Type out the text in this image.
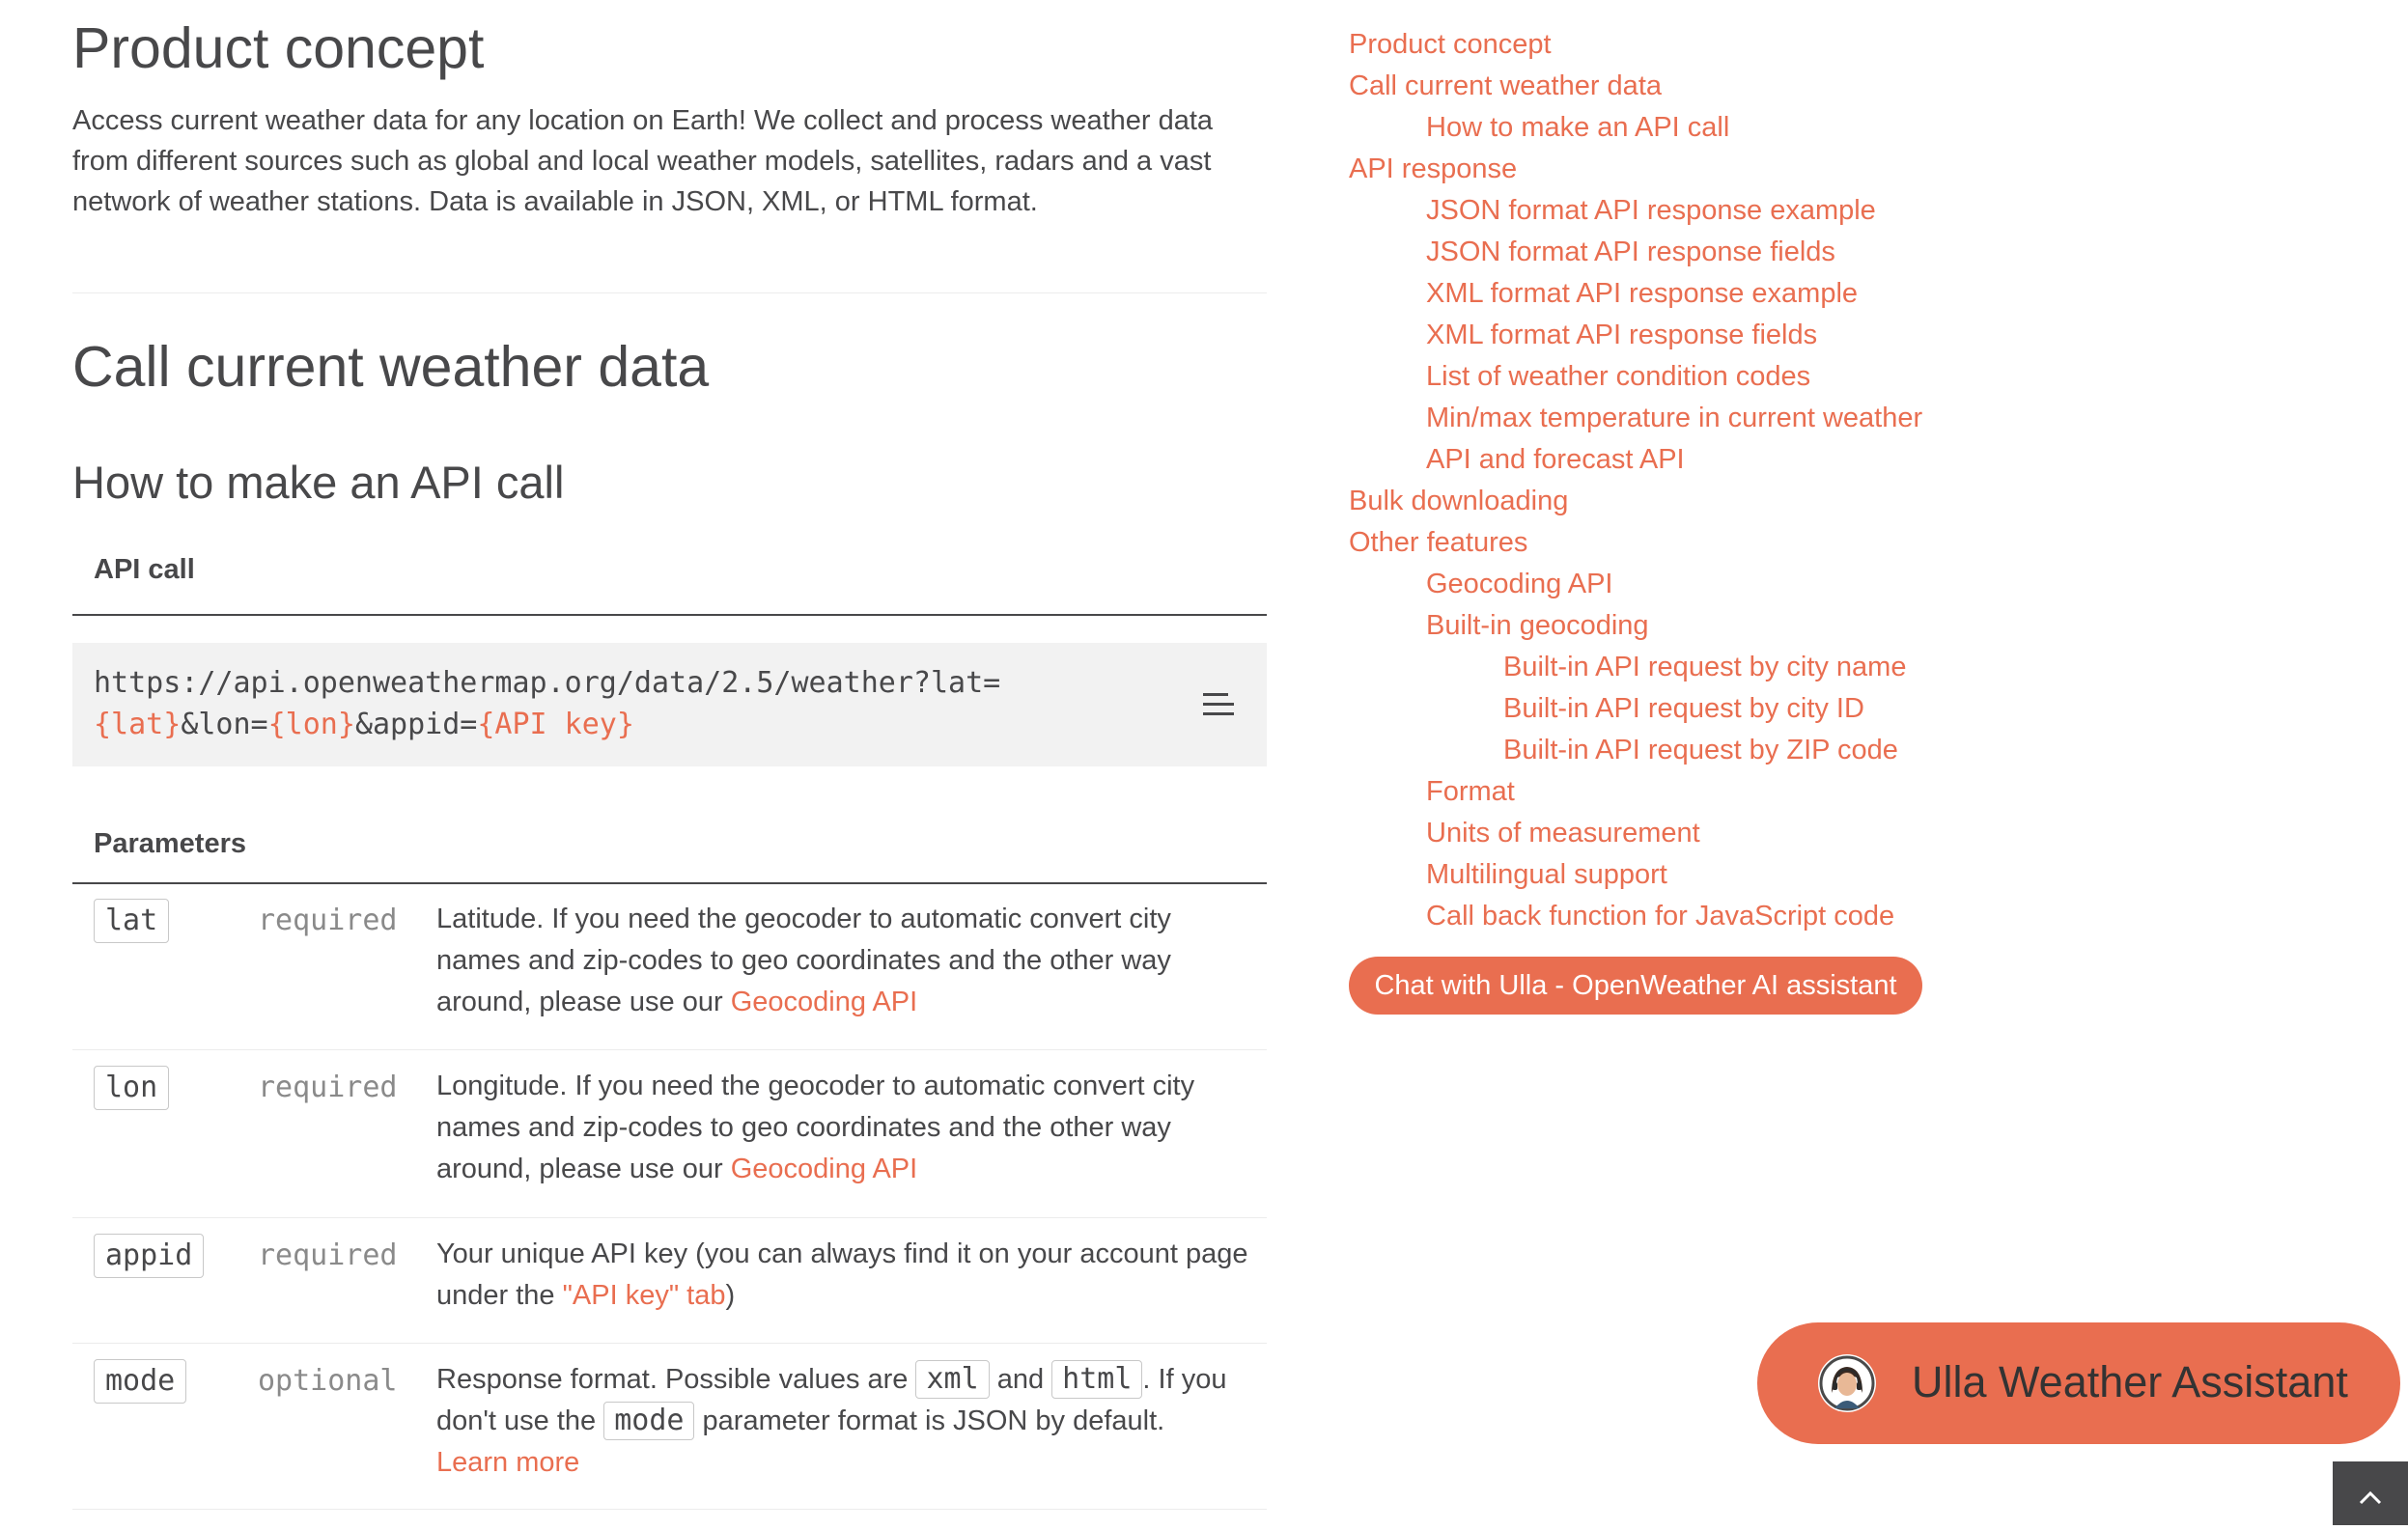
Product concept

Access current weather data for any location on Earth! We collect and process weather data from different sources such as global and local weather models, satellites, radars and a vast network of weather stations. Data is available in JSON, XML, or HTML format.

Call current weather data
How to make an API call
API call
https://api.openweathermap.org/data/2.5/weather?lat=
{lat}&lon={lon}&appid={API key}
Parameters
lat	required Latitude. If you need the geocoder to automatic convert city names and zip-codes to geo coordinates and the other way around, please use our Geocoding API
lon	required Longitude. If you need the geocoder to automatic convert city names and zip-codes to geo coordinates and the other way around, please use our Geocoding API
appid	required Your unique API key (you can always find it on your account page under the "API key" tab)
mode	optional Response format. Possible values are xml and html . If you don't use the mode parameter format is JSON by default.
Learn more
Product concept
Call current weather data
How to make an API call
API response
JSON format API response example
JSON format API response fields
XML format API response example
XML format API response fields
List of weather condition codes
Min/max temperature in current weather
API and forecast API
Bulk downloading
Other features
Geocoding API
Built-in geocoding
Built-in API request by city name
Built-in API request by city ID
Built-in API request by ZIP code
Format
Units of measurement
Multilingual support
Call back function for JavaScript code
Chat with Ulla - OpenWeather AI assistant
Ulla Weather Assistant
